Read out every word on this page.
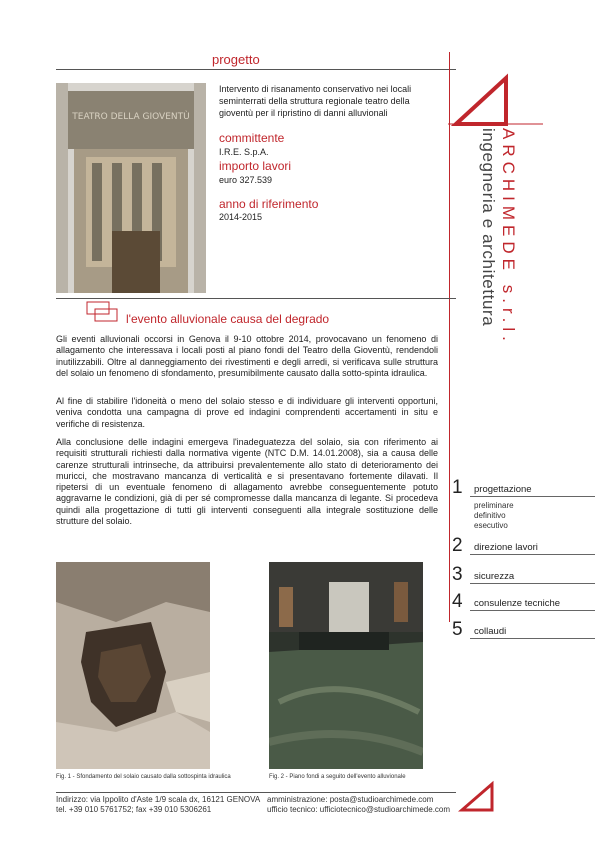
progetto
TEATRO DELLA GIOVENTÙ
Intervento di risanamento conservativo nei locali seminterrati della struttura regionale teatro della gioventù per il ripristino di danni alluvionali
committente
I.R.E. S.p.A.
importo lavori
euro 327.539
anno di riferimento
2014-2015	ARCHIMEDE s.r.l.
ingegneria e architettura
l'evento alluvionale causa del degrado

Gli eventi alluvionali occorsi in Genova il 9-10 ottobre 2014, provocavano un fenomeno di allagamento che interessava i locali posti al piano fondi del Teatro della Gioventù, rendendoli inutilizzabili. Oltre al danneggiamento dei rivestimenti e degli arredi, si verificava sulle struttura del solaio un fenomeno di sfondamento, presumibilmente causato dalla sotto-spinta idraulica.

Al fine di stabilire l'idoneità o meno del solaio stesso e di individuare gli interventi opportuni, veniva condotta una campagna di prove ed indagini comprendenti accertamenti in situ e verifiche di resistenza.

Alla conclusione delle indagini emergeva l'inadeguatezza del solaio, sia con riferimento ai requisiti strutturali richiesti dalla normativa vigente (NTC D.M. 14.01.2008), sia a causa delle carenze strutturali intrinseche, da attribuirsi prevalentemente allo stato di deterioramento dei muricci, che mostravano mancanza di verticalità e si presentavano fortemente dilavati. Il ripetersi di un eventuale fenomeno di allagamento avrebbe conseguentemente potuto aggravarne le condizioni, già di per sé compromesse dalla mancanza di legante. Si procedeva quindi alla progettazione di tutti gli interventi conseguenti alla integrale sostituzione delle strutture del solaio.

1 progettazione
preliminare
definitivo
esecutivo
2 direzione lavori
3 sicurezza
4 consulenze tecniche
5 collaudi
Fig. 1 - Sfondamento del solaio causato dalla sottospinta idraulica	Fig. 2 - Piano fondi a seguito dell'evento alluvionale
Indirizzo: via Ippolito d'Aste 1/9 scala dx, 16121 GENOVA
tel. +39 010 5761752; fax +39 010 5306261
amministrazione: posta@studioarchimede.com
ufficio tecnico: ufficiotecnico@studioarchimede.com
